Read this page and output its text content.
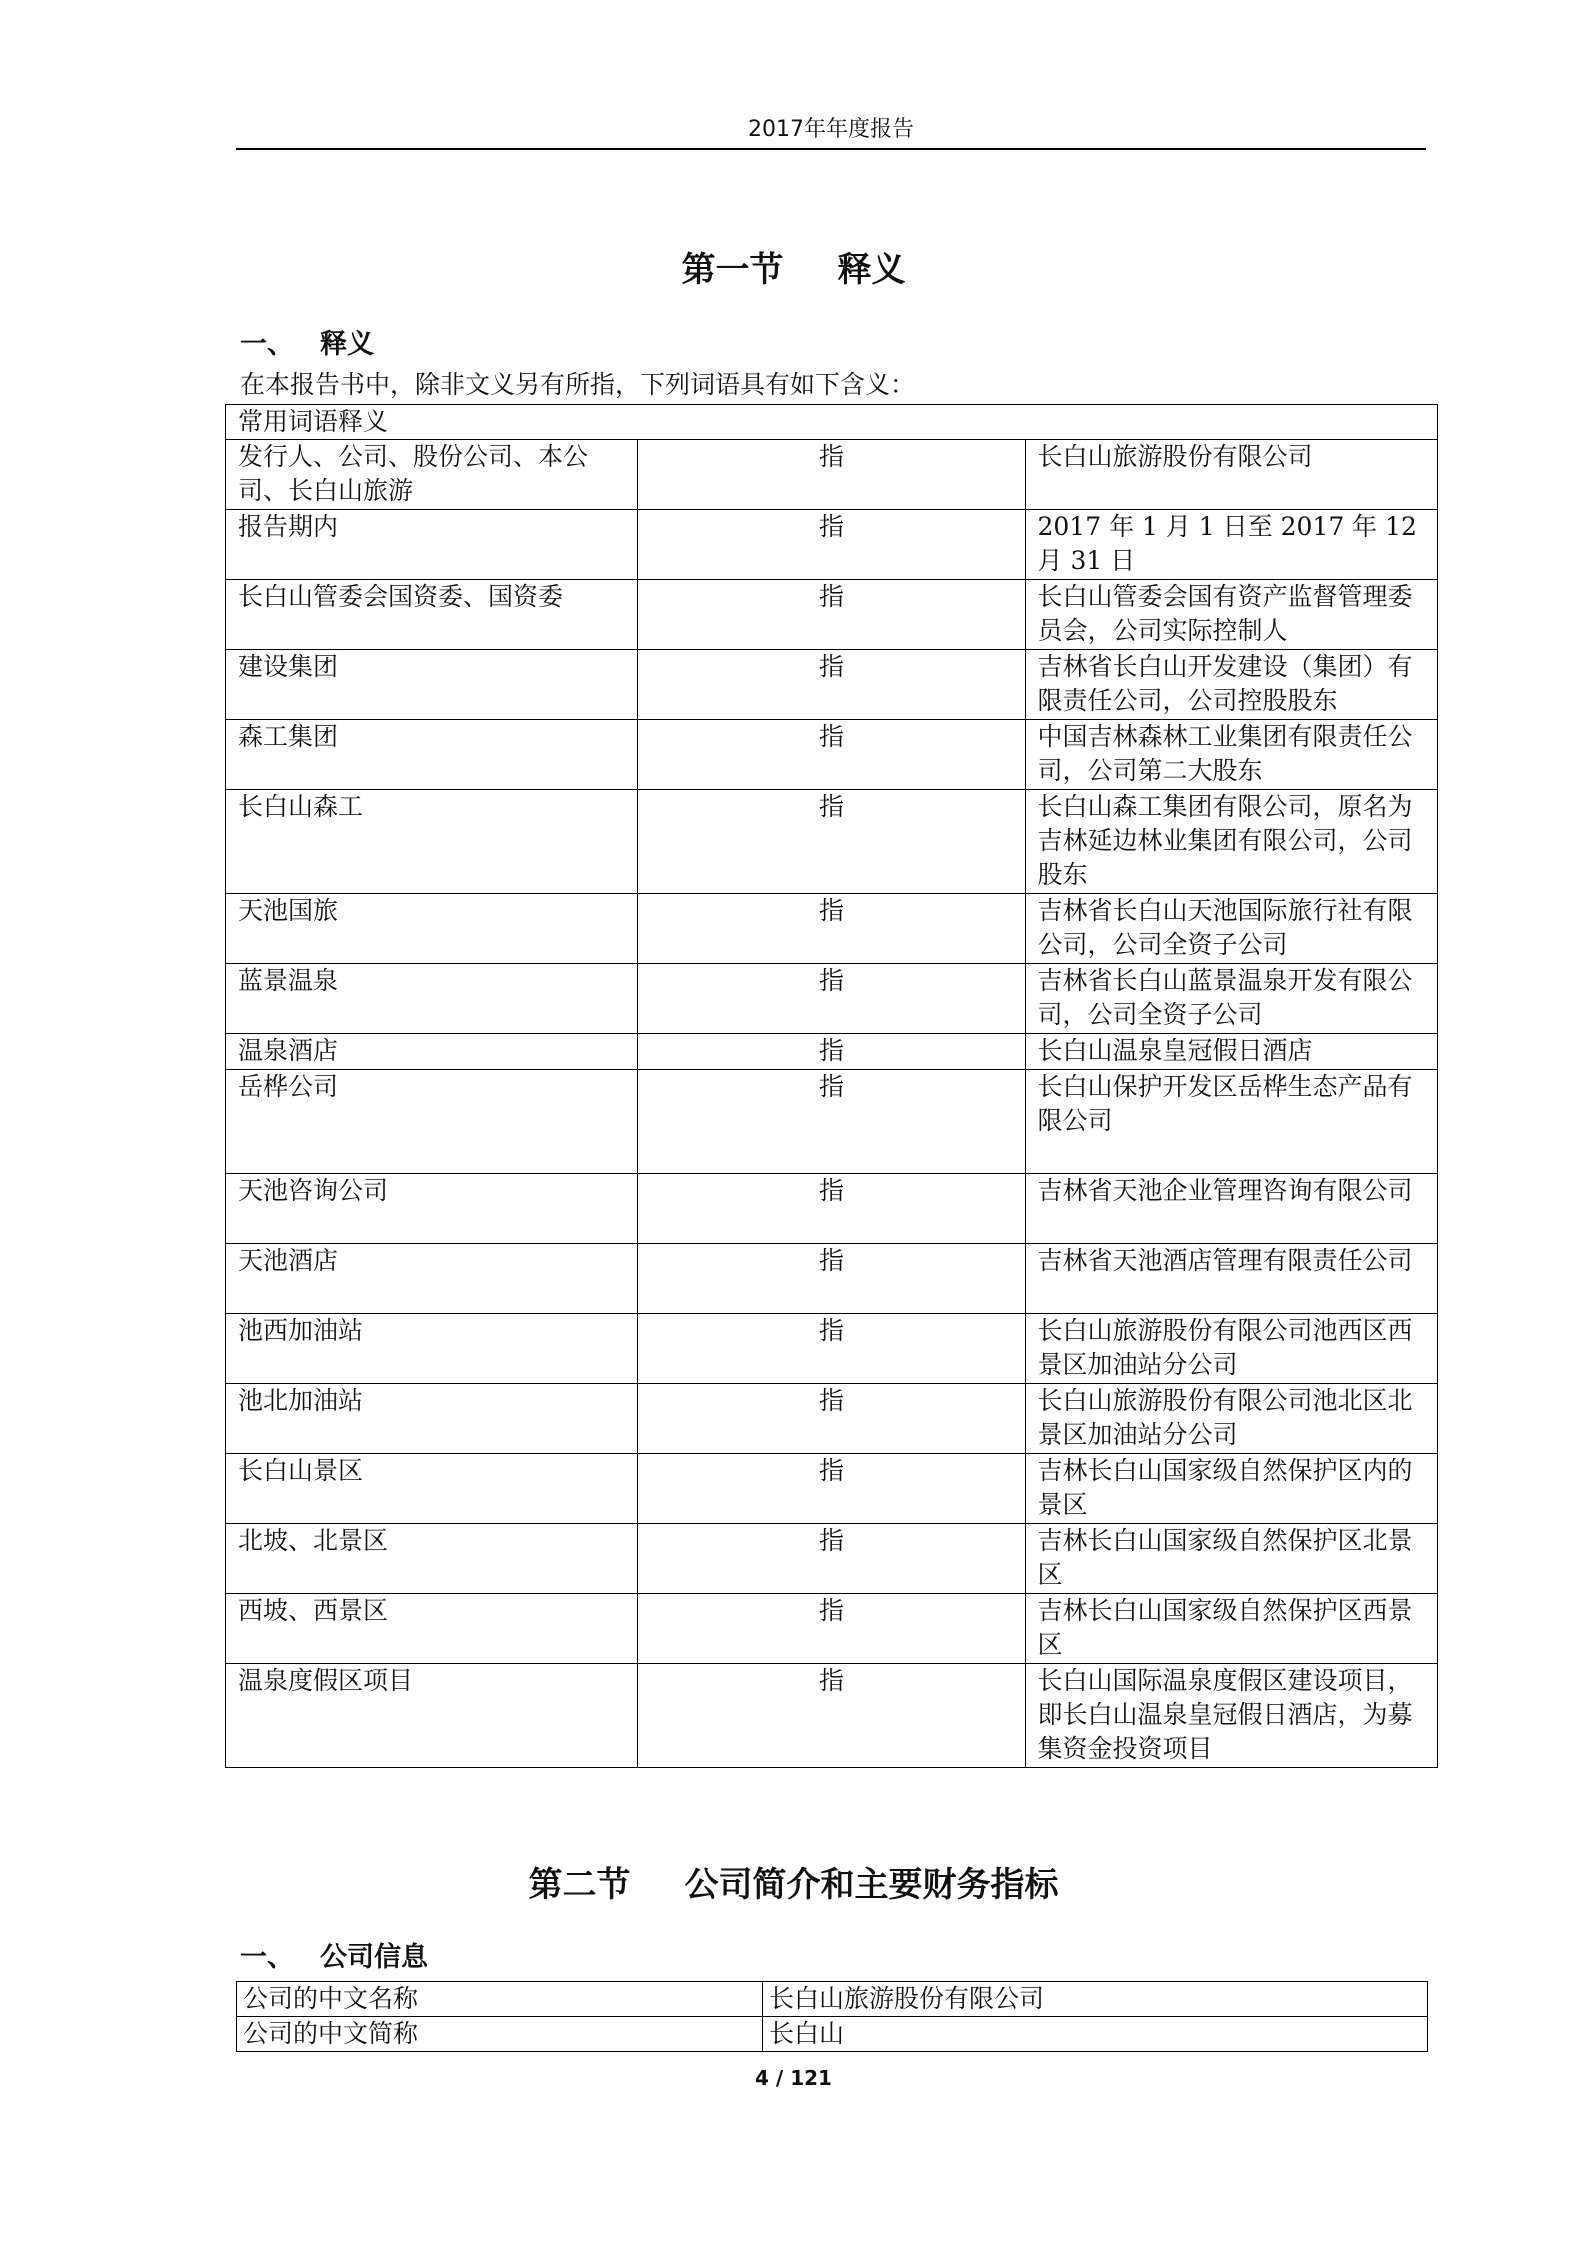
2017年年度报告
第一节 释义
一、 释义
在本报告书中，除非文义另有所指，下列词语具有如下含义：
常用词语释义		
发行人、公司、股份公司、本公司、长白山旅游	指	长白山旅游股份有限公司
报告期内	指	2017 年 1 月 1 日至 2017 年 12 月 31 日
长白山管委会国资委、国资委	指	长白山管委会国有资产监督管理委员会，公司实际控制人
建设集团	指	吉林省长白山开发建设（集团）有限责任公司，公司控股股东
森工集团	指	中国吉林森林工业集团有限责任公司，公司第二大股东
长白山森工	指	长白山森工集团有限公司，原名为吉林延边林业集团有限公司，公司股东
天池国旅	指	吉林省长白山天池国际旅行社有限公司，公司全资子公司
蓝景温泉	指	吉林省长白山蓝景温泉开发有限公司，公司全资子公司
温泉酒店	指	长白山温泉皇冠假日酒店
岳桦公司	指	长白山保护开发区岳桦生态产品有限公司
天池咨询公司	指	吉林省天池企业管理咨询有限公司
天池酒店	指	吉林省天池酒店管理有限责任公司
池西加油站	指	长白山旅游股份有限公司池西区西景区加油站分公司
池北加油站	指	长白山旅游股份有限公司池北区北景区加油站分公司
长白山景区	指	吉林长白山国家级自然保护区内的景区
北坡、北景区	指	吉林长白山国家级自然保护区北景区
西坡、西景区	指	吉林长白山国家级自然保护区西景区
温泉度假区项目	指	长白山国际温泉度假区建设项目，即长白山温泉皇冠假日酒店，为募集资金投资项目
第二节 公司简介和主要财务指标
一、 公司信息
公司的中文名称	长白山旅游股份有限公司
公司的中文简称	长白山
4 / 121
